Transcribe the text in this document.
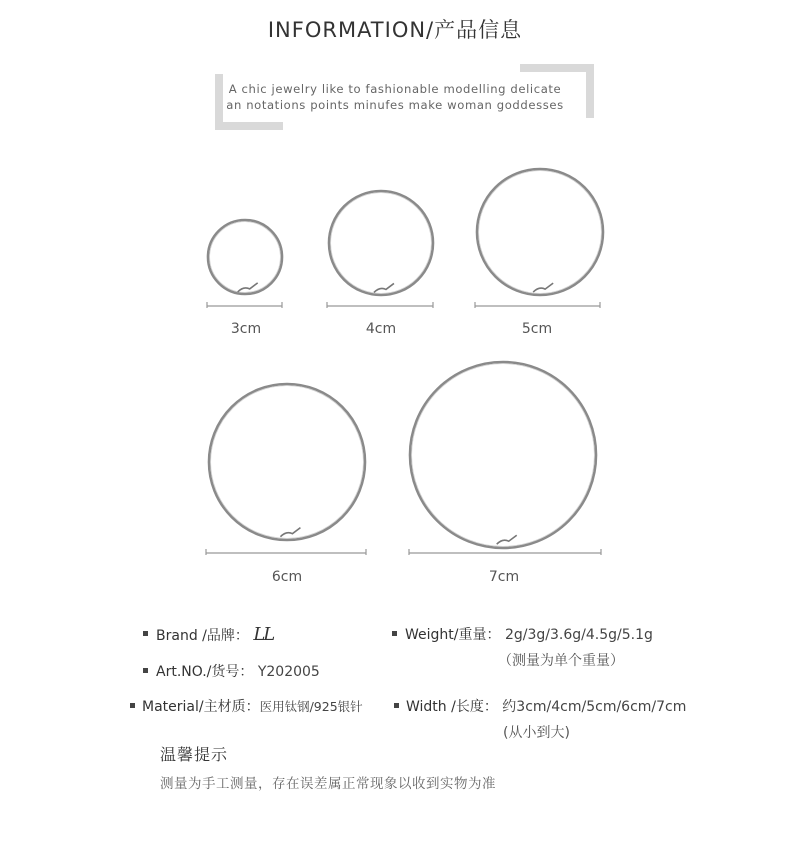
INFORMATION/产品信息
A chic jewelry like to fashionable modelling delicate
an notations points minufes make woman goddesses
3cm	4cm	5cm
6cm	7cm
Brand /品牌： LL	Weight/重量： 2g/3g/3.6g/4.5g/5.1g
（测量为单个重量）
Art.NO./货号： Y202005
Material/主材质：医用钛钢/925银针	Width /长度： 约3cm/4cm/5cm/6cm/7cm
(从小到大)
温馨提示
测量为手工测量，存在误差属正常现象以收到实物为准
